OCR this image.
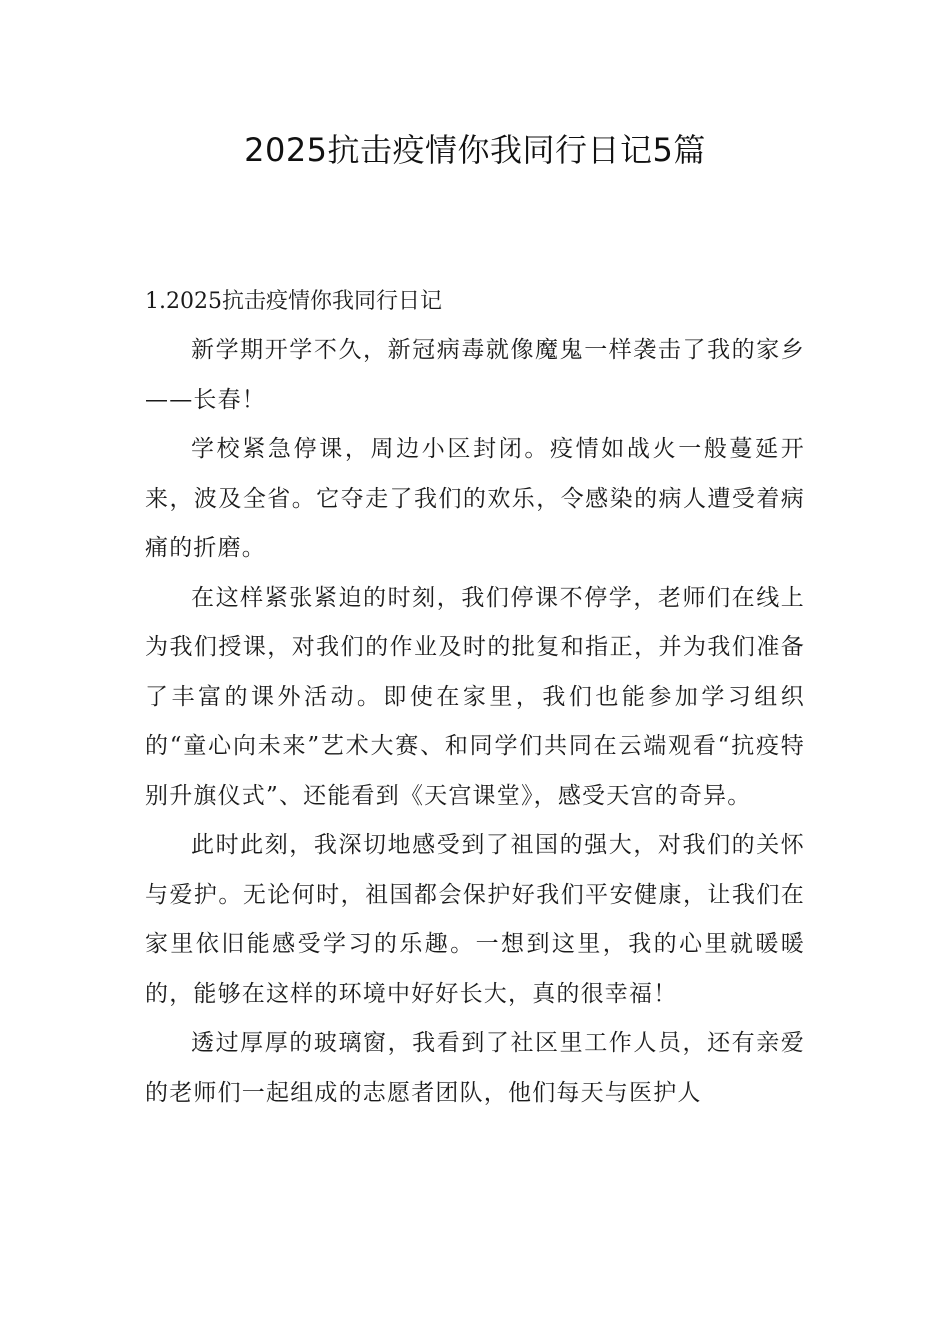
2025抗击疫情你我同行日记5篇
1.2025抗击疫情你我同行日记

新学期开学不久，新冠病毒就像魔鬼一样袭击了我的家乡——长春！

学校紧急停课，周边小区封闭。疫情如战火一般蔓延开来，波及全省。它夺走了我们的欢乐，令感染的病人遭受着病痛的折磨。

在这样紧张紧迫的时刻，我们停课不停学，老师们在线上为我们授课，对我们的作业及时的批复和指正，并为我们准备了丰富的课外活动。即使在家里，我们也能参加学习组织的“童心向未来”艺术大赛、和同学们共同在云端观看“抗疫特别升旗仪式”、还能看到《天宫课堂》，感受天宫的奇异。

此时此刻，我深切地感受到了祖国的强大，对我们的关怀与爱护。无论何时，祖国都会保护好我们平安健康，让我们在家里依旧能感受学习的乐趣。一想到这里，我的心里就暖暖的，能够在这样的环境中好好长大，真的很幸福！

透过厚厚的玻璃窗，我看到了社区里工作人员，还有亲爱的老师们一起组成的志愿者团队，他们每天与医护人
